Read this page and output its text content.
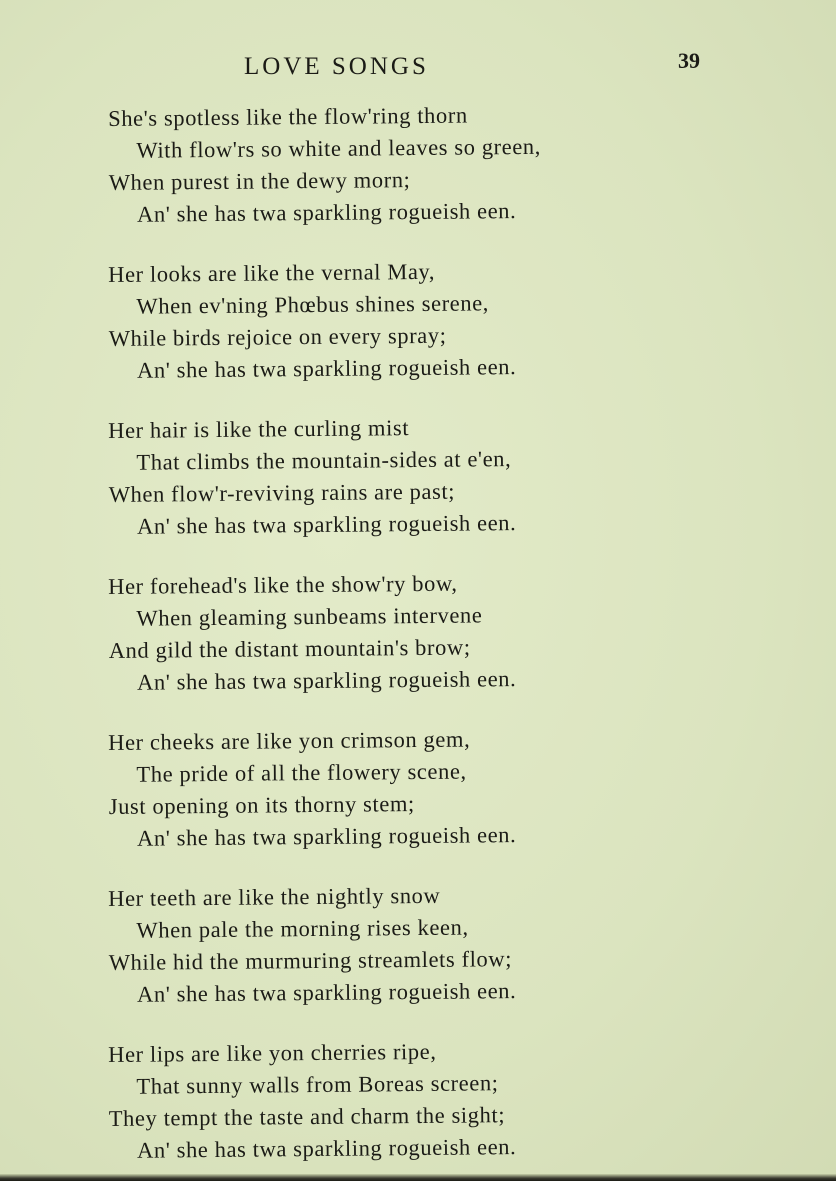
LOVE SONGS	39
She's spotless like the flow'ring thorn
With flow'rs so white and leaves so green,
When purest in the dewy morn;
An' she has twa sparkling rogueish een.
Her looks are like the vernal May,
When ev'ning Phœbus shines serene,
While birds rejoice on every spray;
An' she has twa sparkling rogueish een.
Her hair is like the curling mist
That climbs the mountain-sides at e'en,
When flow'r-reviving rains are past;
An' she has twa sparkling rogueish een.
Her forehead's like the show'ry bow,
When gleaming sunbeams intervene
And gild the distant mountain's brow;
An' she has twa sparkling rogueish een.
Her cheeks are like yon crimson gem,
The pride of all the flowery scene,
Just opening on its thorny stem;
An' she has twa sparkling rogueish een.
Her teeth are like the nightly snow
When pale the morning rises keen,
While hid the murmuring streamlets flow;
An' she has twa sparkling rogueish een.
Her lips are like yon cherries ripe,
That sunny walls from Boreas screen;
They tempt the taste and charm the sight;
An' she has twa sparkling rogueish een.
